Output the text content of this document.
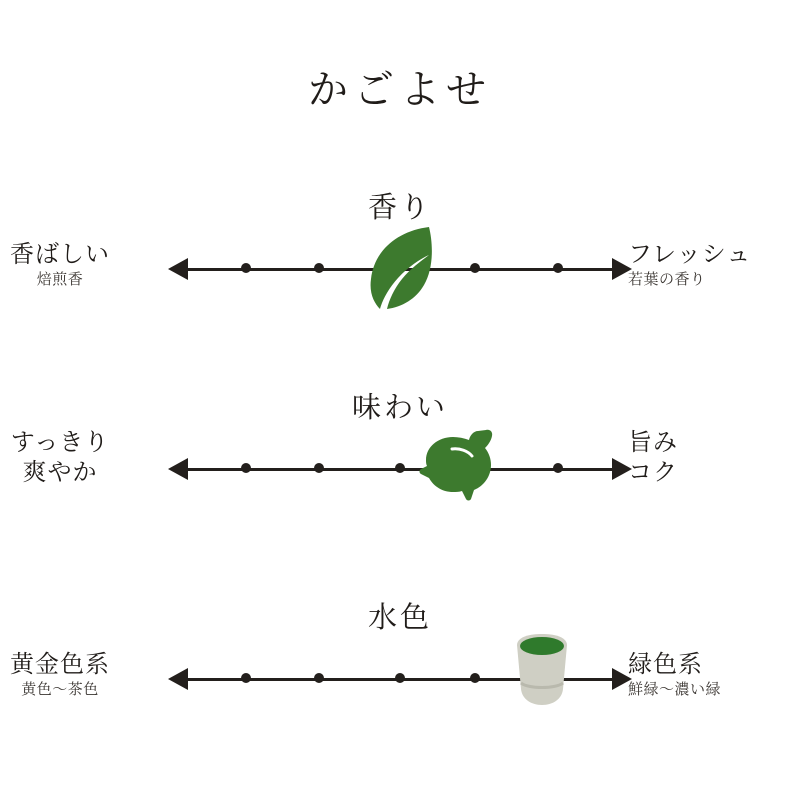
かごよせ
香り
香ばしい
焙煎香
フレッシュ
若葉の香り
味わい
すっきり
爽やか
旨み
コク
水色
黄金色系
黄色〜茶色
緑色系
鮮緑〜濃い緑
